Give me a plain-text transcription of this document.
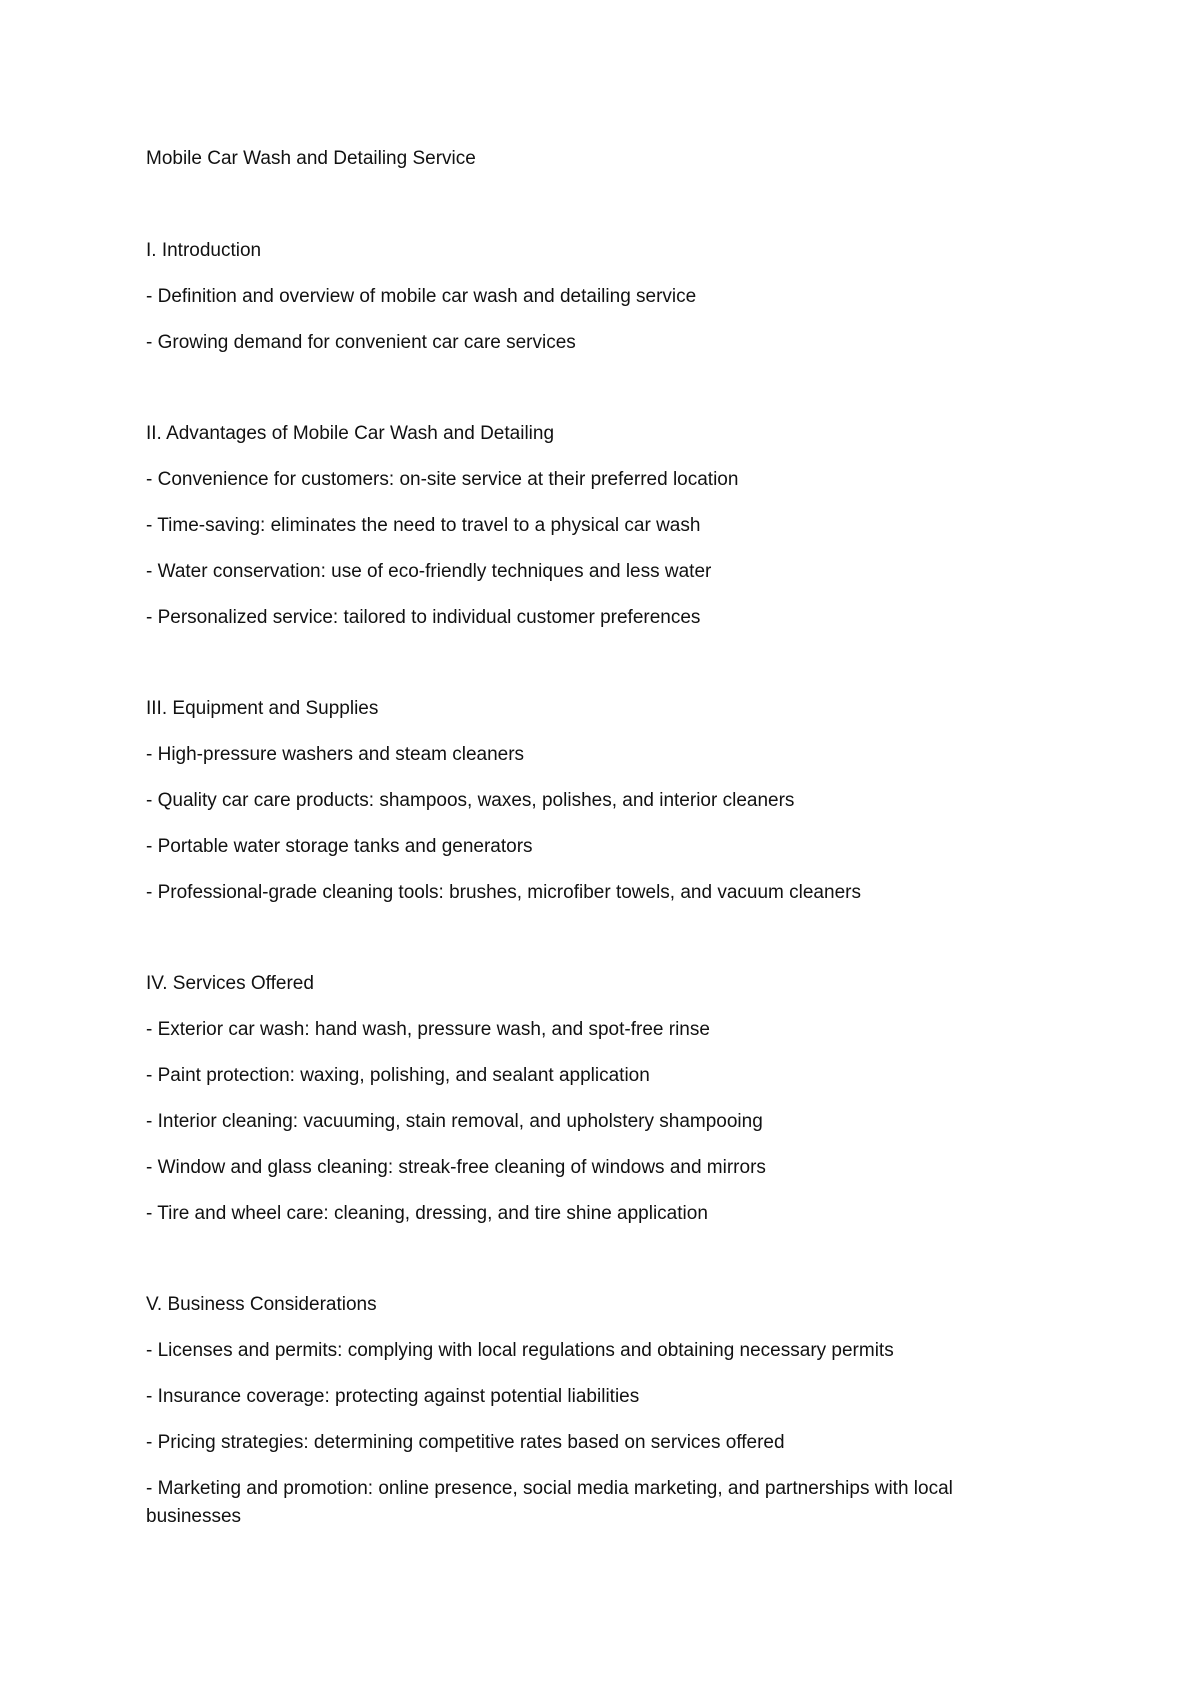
Mobile Car Wash and Detailing Service

I. Introduction

- Definition and overview of mobile car wash and detailing service

- Growing demand for convenient car care services

II. Advantages of Mobile Car Wash and Detailing

- Convenience for customers: on-site service at their preferred location

- Time-saving: eliminates the need to travel to a physical car wash

- Water conservation: use of eco-friendly techniques and less water

- Personalized service: tailored to individual customer preferences

III. Equipment and Supplies

- High-pressure washers and steam cleaners

- Quality car care products: shampoos, waxes, polishes, and interior cleaners

- Portable water storage tanks and generators

- Professional-grade cleaning tools: brushes, microfiber towels, and vacuum cleaners

IV. Services Offered

- Exterior car wash: hand wash, pressure wash, and spot-free rinse

- Paint protection: waxing, polishing, and sealant application

- Interior cleaning: vacuuming, stain removal, and upholstery shampooing

- Window and glass cleaning: streak-free cleaning of windows and mirrors

- Tire and wheel care: cleaning, dressing, and tire shine application

V. Business Considerations

- Licenses and permits: complying with local regulations and obtaining necessary permits

- Insurance coverage: protecting against potential liabilities

- Pricing strategies: determining competitive rates based on services offered

- Marketing and promotion: online presence, social media marketing, and partnerships with local businesses
